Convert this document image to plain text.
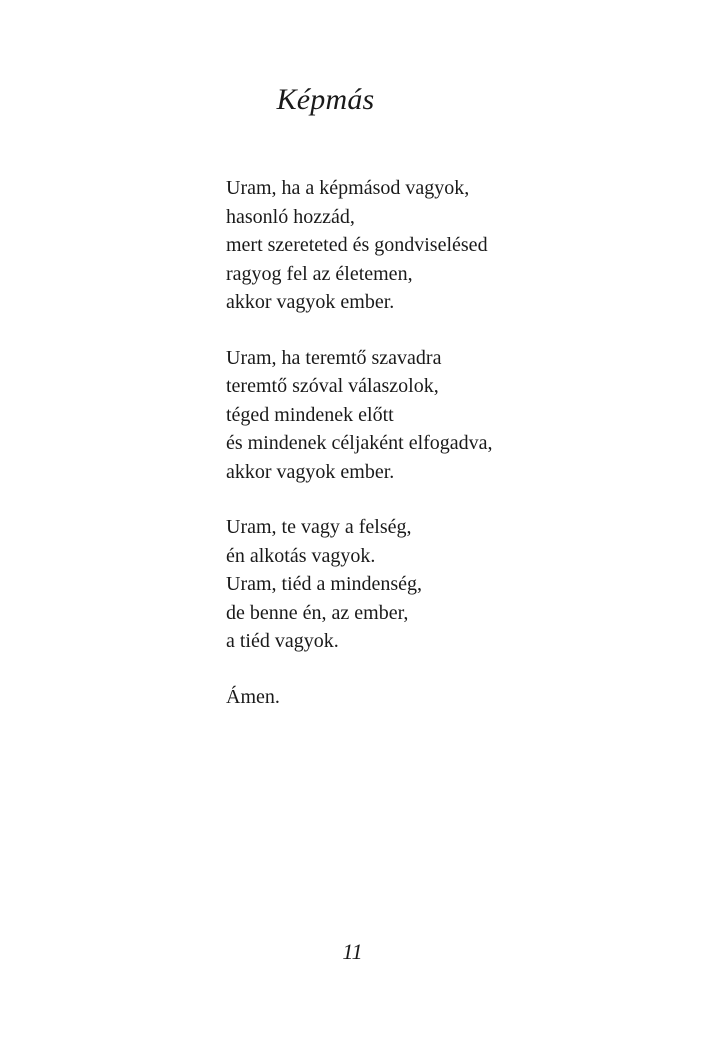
Képmás
Uram, ha a képmásod vagyok,
hasonló hozzád,
mert szereteted és gondviselésed
ragyog fel az életemen,
akkor vagyok ember.
Uram, ha teremtő szavadra
teremtő szóval válaszolok,
téged mindenek előtt
és mindenek céljaként elfogadva,
akkor vagyok ember.
Uram, te vagy a felség,
én alkotás vagyok.
Uram, tiéd a mindenség,
de benne én, az ember,
a tiéd vagyok.
Ámen.
11
